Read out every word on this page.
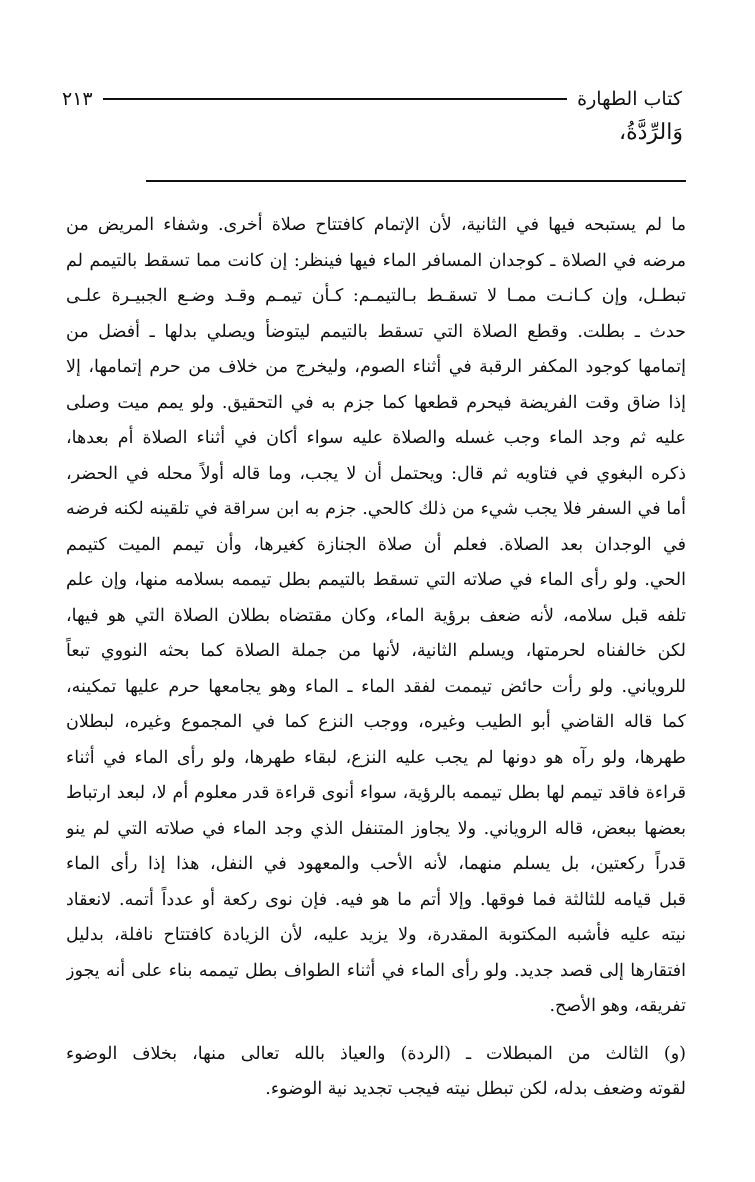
كتاب الطهارة
٢١٣
وَالرِّدَّةُ،
ما لم يستبحه فيها في الثانية، لأن الإتمام كافتتاح صلاة أخرى. وشفاء المريض من
مرضه في الصلاة ـ كوجدان المسافر الماء فيها فينظر: إن كانت مما تسقط بالتيمم لم
تبطـل، وإن كـانـت ممـا لا تسقـط بـالتيمـم: كـأن تيمـم وقـد وضـع الجبيـرة علـى
حدث ـ بطلت. وقطع الصلاة التي تسقط بالتيمم ليتوضأ ويصلي بدلها ـ أفضل من
إتمامها كوجود المكفر الرقبة في أثناء الصوم، وليخرج من خلاف من حرم إتمامها، إلا
إذا ضاق وقت الفريضة فيحرم قطعها كما جزم به في التحقيق. ولو يمم ميت وصلى
عليه ثم وجد الماء وجب غسله والصلاة عليه سواء أكان في أثناء الصلاة أم بعدها،
ذكره البغوي في فتاويه ثم قال: ويحتمل أن لا يجب، وما قاله أولاً محله في الحضر،
أما في السفر فلا يجب شيء من ذلك كالحي. جزم به ابن سراقة في تلقينه لكنه فرضه
في الوجدان بعد الصلاة. فعلم أن صلاة الجنازة كغيرها، وأن تيمم الميت كتيمم
الحي. ولو رأى الماء في صلاته التي تسقط بالتيمم بطل تيممه بسلامه منها، وإن علم
تلفه قبل سلامه، لأنه ضعف برؤية الماء، وكان مقتضاه بطلان الصلاة التي هو فيها،
لكن خالفناه لحرمتها، ويسلم الثانية، لأنها من جملة الصلاة كما بحثه النووي تبعاً
للروياني. ولو رأت حائض تيممت لفقد الماء ـ الماء وهو يجامعها حرم عليها تمكينه،
كما قاله القاضي أبو الطيب وغيره، ووجب النزع كما في المجموع وغيره، لبطلان
طهرها، ولو رآه هو دونها لم يجب عليه النزع، لبقاء طهرها، ولو رأى الماء في أثناء
قراءة فاقد تيمم لها بطل تيممه بالرؤية، سواء أنوى قراءة قدر معلوم أم لا، لبعد ارتباط
بعضها ببعض، قاله الروياني. ولا يجاوز المتنفل الذي وجد الماء في صلاته التي لم ينو
قدراً ركعتين، بل يسلم منهما، لأنه الأحب والمعهود في النفل، هذا إذا رأى الماء
قبل قيامه للثالثة فما فوقها. وإلا أتم ما هو فيه. فإن نوى ركعة أو عدداً أتمه. لانعقاد
نيته عليه فأشبه المكتوبة المقدرة، ولا يزيد عليه، لأن الزيادة كافتتاح نافلة، بدليل
افتقارها إلى قصد جديد. ولو رأى الماء في أثناء الطواف بطل تيممه بناء على أنه يجوز
تفريقه، وهو الأصح.
(و) الثالث من المبطلات ـ (الردة) والعياذ بالله تعالى منها، بخلاف الوضوء
لقوته وضعف بدله، لكن تبطل نيته فيجب تجديد نية الوضوء.
